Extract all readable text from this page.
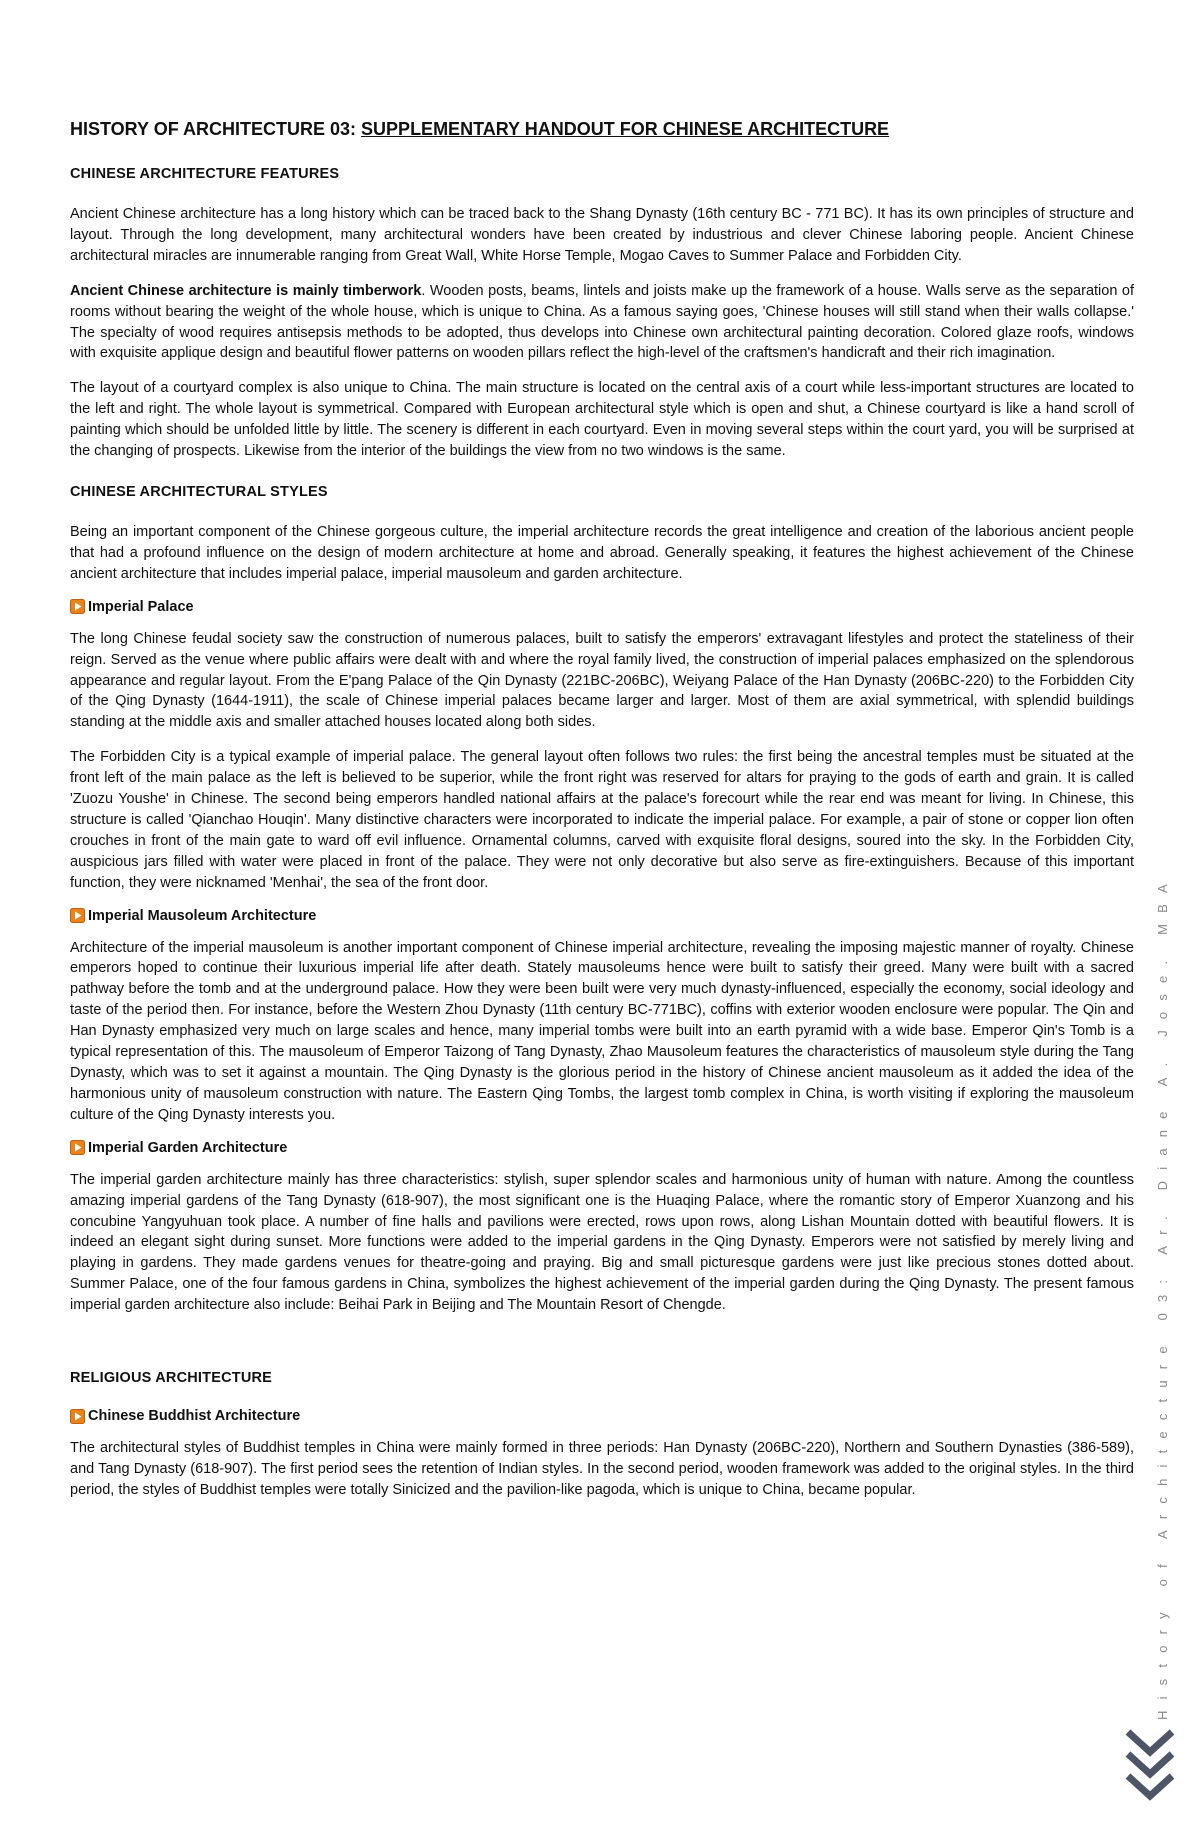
HISTORY OF ARCHITECTURE 03: SUPPLEMENTARY HANDOUT FOR CHINESE ARCHITECTURE
CHINESE ARCHITECTURE FEATURES

Ancient Chinese architecture has a long history which can be traced back to the Shang Dynasty (16th century BC - 771 BC). It has its own principles of structure and layout. Through the long development, many architectural wonders have been created by industrious and clever Chinese laboring people. Ancient Chinese architectural miracles are innumerable ranging from Great Wall, White Horse Temple, Mogao Caves to Summer Palace and Forbidden City.

Ancient Chinese architecture is mainly timberwork. Wooden posts, beams, lintels and joists make up the framework of a house. Walls serve as the separation of rooms without bearing the weight of the whole house, which is unique to China. As a famous saying goes, 'Chinese houses will still stand when their walls collapse.' The specialty of wood requires antisepsis methods to be adopted, thus develops into Chinese own architectural painting decoration. Colored glaze roofs, windows with exquisite applique design and beautiful flower patterns on wooden pillars reflect the high-level of the craftsmen's handicraft and their rich imagination.

The layout of a courtyard complex is also unique to China. The main structure is located on the central axis of a court while less-important structures are located to the left and right. The whole layout is symmetrical. Compared with European architectural style which is open and shut, a Chinese courtyard is like a hand scroll of painting which should be unfolded little by little. The scenery is different in each courtyard. Even in moving several steps within the court yard, you will be surprised at the changing of prospects. Likewise from the interior of the buildings the view from no two windows is the same.

CHINESE ARCHITECTURAL STYLES

Being an important component of the Chinese gorgeous culture, the imperial architecture records the great intelligence and creation of the laborious ancient people that had a profound influence on the design of modern architecture at home and abroad. Generally speaking, it features the highest achievement of the Chinese ancient architecture that includes imperial palace, imperial mausoleum and garden architecture.

Imperial Palace

The long Chinese feudal society saw the construction of numerous palaces, built to satisfy the emperors' extravagant lifestyles and protect the stateliness of their reign. Served as the venue where public affairs were dealt with and where the royal family lived, the construction of imperial palaces emphasized on the splendorous appearance and regular layout. From the E'pang Palace of the Qin Dynasty (221BC-206BC), Weiyang Palace of the Han Dynasty (206BC-220) to the Forbidden City of the Qing Dynasty (1644-1911), the scale of Chinese imperial palaces became larger and larger. Most of them are axial symmetrical, with splendid buildings standing at the middle axis and smaller attached houses located along both sides.

The Forbidden City is a typical example of imperial palace. The general layout often follows two rules: the first being the ancestral temples must be situated at the front left of the main palace as the left is believed to be superior, while the front right was reserved for altars for praying to the gods of earth and grain. It is called 'Zuozu Youshe' in Chinese. The second being emperors handled national affairs at the palace's forecourt while the rear end was meant for living. In Chinese, this structure is called 'Qianchao Houqin'. Many distinctive characters were incorporated to indicate the imperial palace. For example, a pair of stone or copper lion often crouches in front of the main gate to ward off evil influence. Ornamental columns, carved with exquisite floral designs, soured into the sky. In the Forbidden City, auspicious jars filled with water were placed in front of the palace. They were not only decorative but also serve as fire-extinguishers. Because of this important function, they were nicknamed 'Menhai', the sea of the front door.

Imperial Mausoleum Architecture

Architecture of the imperial mausoleum is another important component of Chinese imperial architecture, revealing the imposing majestic manner of royalty. Chinese emperors hoped to continue their luxurious imperial life after death. Stately mausoleums hence were built to satisfy their greed. Many were built with a sacred pathway before the tomb and at the underground palace. How they were been built were very much dynasty-influenced, especially the economy, social ideology and taste of the period then. For instance, before the Western Zhou Dynasty (11th century BC-771BC), coffins with exterior wooden enclosure were popular. The Qin and Han Dynasty emphasized very much on large scales and hence, many imperial tombs were built into an earth pyramid with a wide base. Emperor Qin's Tomb is a typical representation of this. The mausoleum of Emperor Taizong of Tang Dynasty, Zhao Mausoleum features the characteristics of mausoleum style during the Tang Dynasty, which was to set it against a mountain. The Qing Dynasty is the glorious period in the history of Chinese ancient mausoleum as it added the idea of the harmonious unity of mausoleum construction with nature. The Eastern Qing Tombs, the largest tomb complex in China, is worth visiting if exploring the mausoleum culture of the Qing Dynasty interests you.

Imperial Garden Architecture

The imperial garden architecture mainly has three characteristics: stylish, super splendor scales and harmonious unity of human with nature. Among the countless amazing imperial gardens of the Tang Dynasty (618-907), the most significant one is the Huaqing Palace, where the romantic story of Emperor Xuanzong and his concubine Yangyuhuan took place. A number of fine halls and pavilions were erected, rows upon rows, along Lishan Mountain dotted with beautiful flowers. It is indeed an elegant sight during sunset. More functions were added to the imperial gardens in the Qing Dynasty. Emperors were not satisfied by merely living and playing in gardens. They made gardens venues for theatre-going and praying. Big and small picturesque gardens were just like precious stones dotted about. Summer Palace, one of the four famous gardens in China, symbolizes the highest achievement of the imperial garden during the Qing Dynasty. The present famous imperial garden architecture also include: Beihai Park in Beijing and The Mountain Resort of Chengde.

RELIGIOUS ARCHITECTURE
Chinese Buddhist Architecture

The architectural styles of Buddhist temples in China were mainly formed in three periods: Han Dynasty (206BC-220), Northern and Southern Dynasties (386-589), and Tang Dynasty (618-907). The first period sees the retention of Indian styles. In the second period, wooden framework was added to the original styles. In the third period, the styles of Buddhist temples were totally Sinicized and the pavilion-like pagoda, which is unique to China, became popular.	History of Architecture 03: Ar. Diane A. Jose. MBA
